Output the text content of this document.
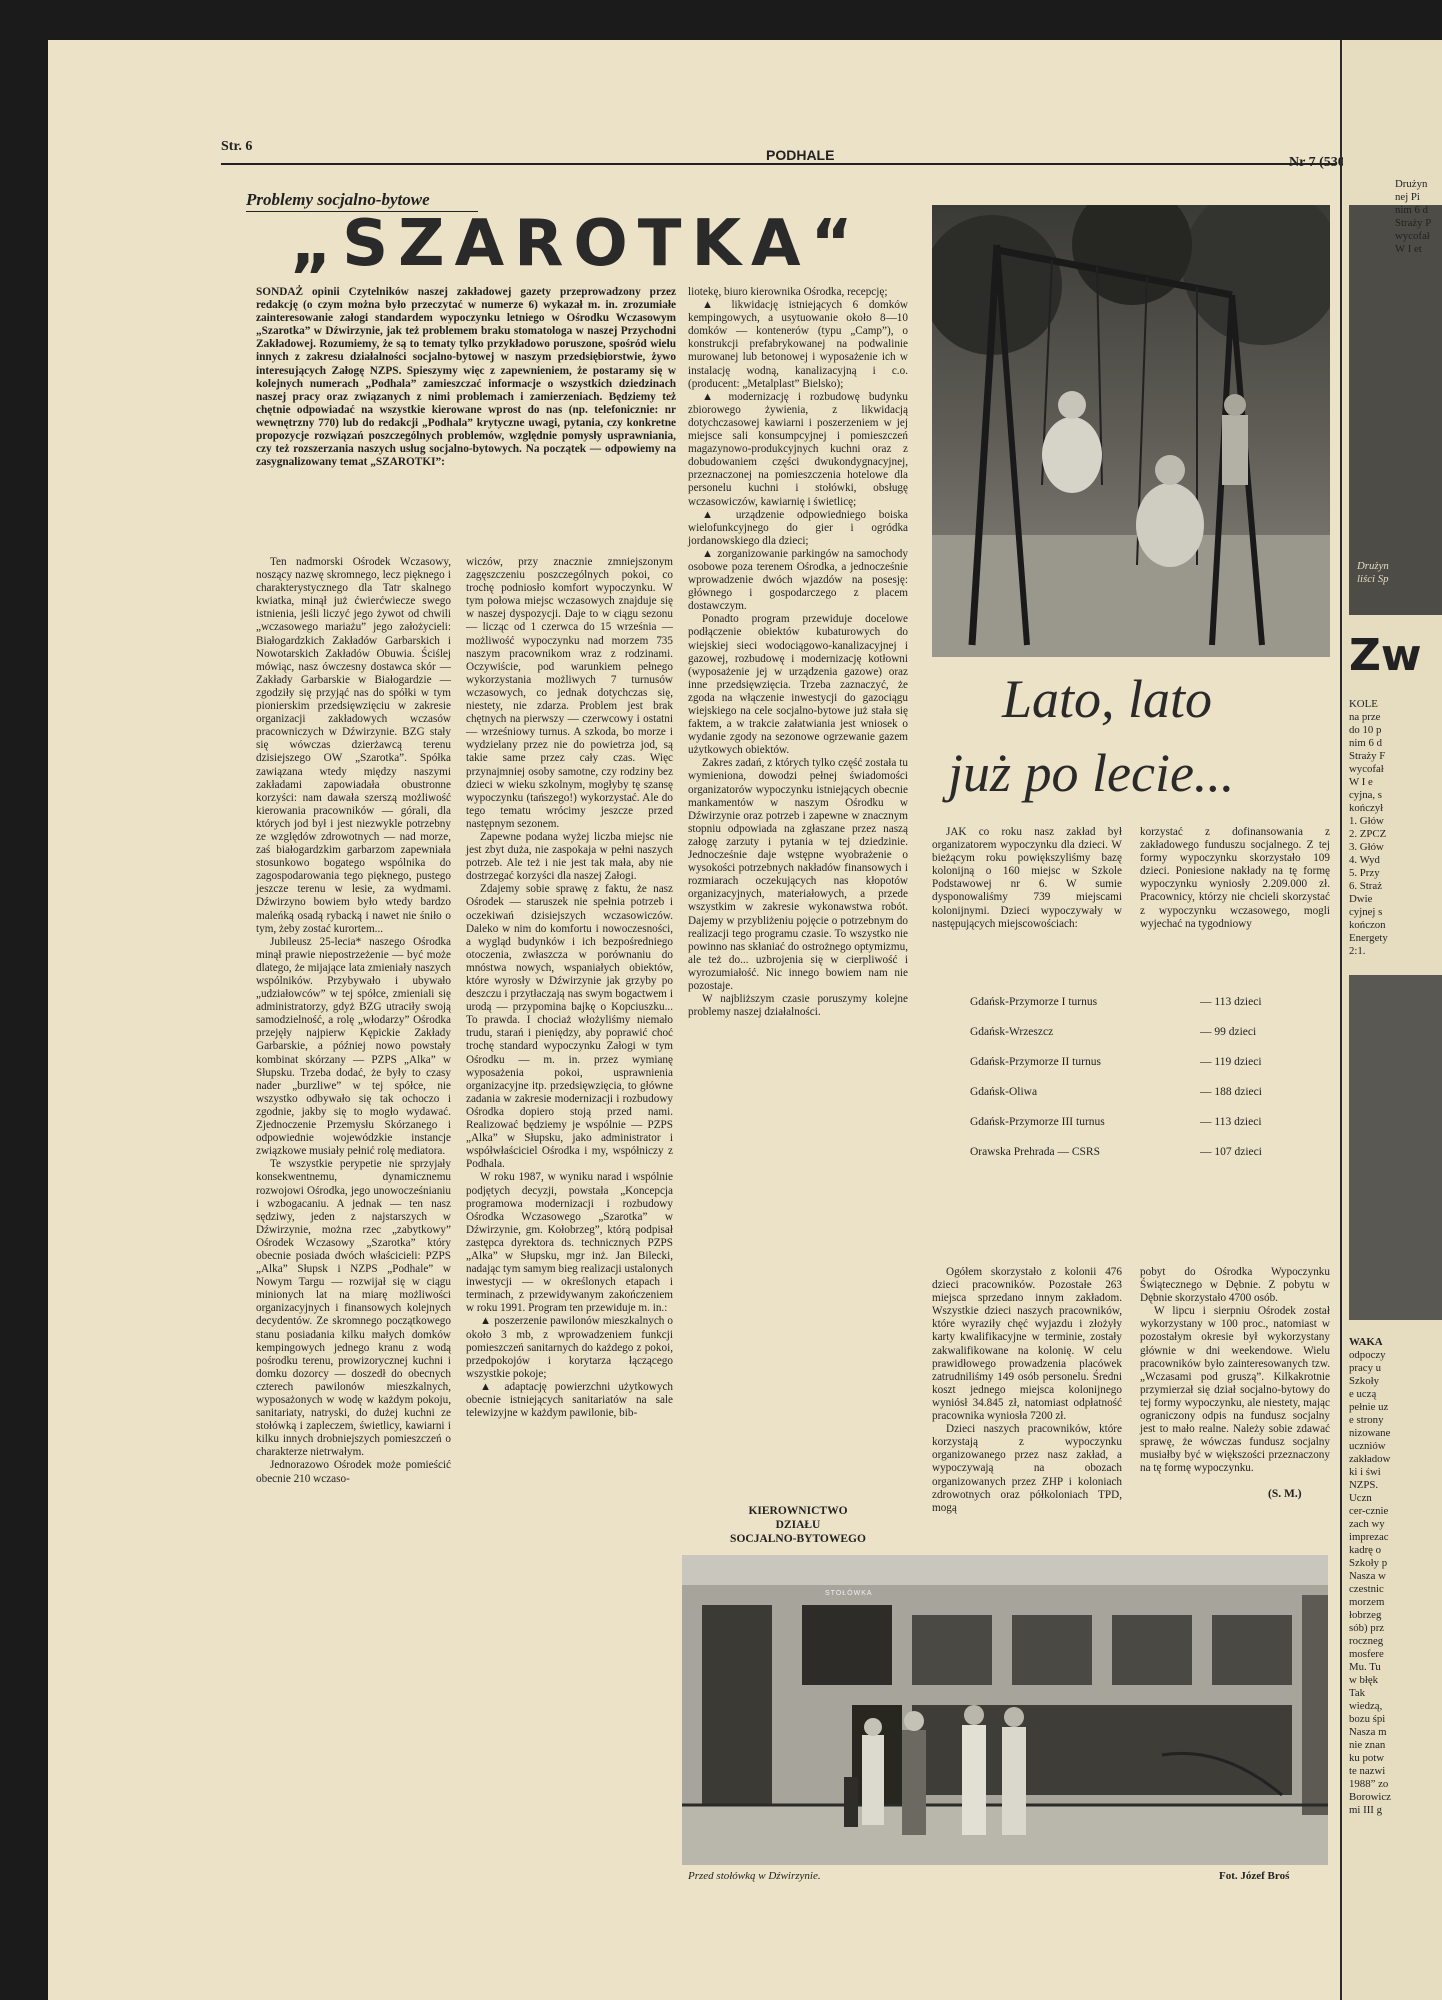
Str. 6
PODHALE
Problemy socjalno-bytowe
„SZAROTKA“
SONDAŻ opinii Czytelników naszej zakładowej gazety przeprowadzony przez redakcję (o czym można było przeczytać w numerze 6) wykazał m. in. zrozumiałe zainteresowanie załogi standardem wypoczynku letniego w Ośrodku Wczasowym „Szarotka” w Dźwirzynie, jak też problemem braku stomatologa w naszej Przychodni Zakładowej. Rozumiemy, że są to tematy tylko przykładowo poruszone, spośród wielu innych z zakresu działalności socjalno-bytowej w naszym przedsiębiorstwie, żywo interesujących Załogę NZPS. Spieszymy więc z zapewnieniem, że postaramy się w kolejnych numerach „Podhala” zamieszczać informacje o wszystkich dziedzinach naszej pracy oraz związanych z nimi problemach i zamierzeniach. Będziemy też chętnie odpowiadać na wszystkie kierowane wprost do nas (np. telefonicznie: nr wewnętrzny 770) lub do redakcji „Podhala” krytyczne uwagi, pytania, czy konkretne propozycje rozwiązań poszczególnych problemów, względnie pomysły usprawniania, czy też rozszerzania naszych usług socjalno-bytowych. Na początek — odpowiemy na zasygnalizowany temat „SZAROTKI”:

liotekę, biuro kierownika Ośrodka, recepcję;

▲ likwidację istniejących 6 domków kempingowych, a usytuowanie około 8—10 domków — kontenerów (typu „Camp”), o konstrukcji prefabrykowanej na podwalinie murowanej lub betonowej i wyposażenie ich w instalację wodną, kanalizacyjną i c.o. (producent: „Metalplast” Bielsko);

▲ modernizację i rozbudowę budynku zbiorowego żywienia, z likwidacją dotychczasowej kawiarni i poszerzeniem w jej miejsce sali konsumpcyjnej i pomieszczeń magazynowo-produkcyjnych kuchni oraz z dobudowaniem części dwukondygnacyjnej, przeznaczonej na pomieszczenia hotelowe dla personelu kuchni i stołówki, obsługę wczasowiczów, kawiarnię i świetlicę;

▲ urządzenie odpowiedniego boiska wielofunkcyjnego do gier i ogródka jordanowskiego dla dzieci;

▲ zorganizowanie parkingów na samochody osobowe poza terenem Ośrodka, a jednocześnie wprowadzenie dwóch wjazdów na posesję: głównego i gospodarczego z placem dostawczym.

Ponadto program przewiduje docelowe podłączenie obiektów kubaturowych do wiejskiej sieci wodociągowo-kanalizacyjnej i gazowej, rozbudowę i modernizację kotłowni (wyposażenie jej w urządzenia gazowe) oraz inne przedsięwzięcia. Trzeba zaznaczyć, że zgoda na włączenie inwestycji do gazociągu wiejskiego na cele socjalno-bytowe już stała się faktem, a w trakcie załatwiania jest wniosek o wydanie zgody na sezonowe ogrzewanie gazem użytkowych obiektów.

Zakres zadań, z których tylko część została tu wymieniona, dowodzi pełnej świadomości organizatorów wypoczynku istniejących obecnie mankamentów w naszym Ośrodku w Dźwirzynie oraz potrzeb i zapewne w znacznym stopniu odpowiada na zgłaszane przez naszą załogę zarzuty i pytania w tej dziedzinie. Jednocześnie daje wstępne wyobrażenie o wysokości potrzebnych nakładów finansowych i rozmiarach oczekujących nas kłopotów organizacyjnych, materiałowych, a przede wszystkim w zakresie wykonawstwa robót. Dajemy w przybliżeniu pojęcie o potrzebnym do realizacji tego programu czasie. To wszystko nie powinno nas skłaniać do ostrożnego optymizmu, ale też do... uzbrojenia się w cierpliwość i wyrozumiałość. Nic innego bowiem nam nie pozostaje.

W najbliższym czasie poruszymy kolejne problemy naszej działalności.

KIEROWNICTWO
DZIAŁU
SOCJALNO-BYTOWEGO

Ten nadmorski Ośrodek Wczasowy, noszący nazwę skromnego, lecz pięknego i charakterystycznego dla Tatr skalnego kwiatka, minął już ćwierćwiecze swego istnienia, jeśli liczyć jego żywot od chwili „wczasowego mariażu” jego założycieli: Białogardzkich Zakładów Garbarskich i Nowotarskich Zakładów Obuwia. Ściślej mówiąc, nasz ówczesny dostawca skór — Zakłady Garbarskie w Białogardzie — zgodziły się przyjąć nas do spółki w tym pionierskim przedsięwzięciu w zakresie organizacji zakładowych wczasów pracowniczych w Dźwirzynie. BZG stały się wówczas dzierżawcą terenu dzisiejszego OW „Szarotka”. Spółka zawiązana wtedy między naszymi zakładami zapowiadała obustronne korzyści: nam dawała szerszą możliwość kierowania pracowników — górali, dla których jod był i jest niezwykle potrzebny ze względów zdrowotnych — nad morze, zaś białogardzkim garbarzom zapewniała stosunkowo bogatego wspólnika do zagospodarowania tego pięknego, pustego jeszcze terenu w lesie, za wydmami. Dźwirzyno bowiem było wtedy bardzo maleńką osadą rybacką i nawet nie śniło o tym, żeby zostać kurortem...

Jubileusz 25-lecia* naszego Ośrodka minął prawie niepostrzeżenie — być może dlatego, że mijające lata zmieniały naszych wspólników. Przybywało i ubywało „udziałowców” w tej spółce, zmieniali się administratorzy, gdyż BZG utraciły swoją samodzielność, a rolę „włodarzy” Ośrodka przejęły najpierw Kępickie Zakłady Garbarskie, a później nowo powstały kombinat skórzany — PZPS „Alka” w Słupsku. Trzeba dodać, że były to czasy nader „burzliwe” w tej spółce, nie wszystko odbywało się tak ochoczo i zgodnie, jakby się to mogło wydawać. Zjednoczenie Przemysłu Skórzanego i odpowiednie wojewódzkie instancje związkowe musiały pełnić rolę mediatora.

Te wszystkie perypetie nie sprzyjały konsekwentnemu, dynamicznemu rozwojowi Ośrodka, jego unowocześnianiu i wzbogacaniu. A jednak — ten nasz sędziwy, jeden z najstarszych w Dźwirzynie, można rzec „zabytkowy” Ośrodek Wczasowy „Szarotka” który obecnie posiada dwóch właścicieli: PZPS „Alka” Słupsk i NZPS „Podhale” w Nowym Targu — rozwijał się w ciągu minionych lat na miarę możliwości organizacyjnych i finansowych kolejnych decydentów. Ze skromnego początkowego stanu posiadania kilku małych domków kempingowych jednego kranu z wodą pośrodku terenu, prowizorycznej kuchni i domku dozorcy — doszedł do obecnych czterech pawilonów mieszkalnych, wyposażonych w wodę w każdym pokoju, sanitariaty, natryski, do dużej kuchni ze stołówką i zapleczem, świetlicy, kawiarni i kilku innych drobniejszych pomieszczeń o charakterze nietrwałym.

Jednorazowo Ośrodek może pomieścić obecnie 210 wczaso-

wiczów, przy znacznie zmniejszonym zagęszczeniu poszczególnych pokoi, co trochę podniosło komfort wypoczynku. W tym połowa miejsc wczasowych znajduje się w naszej dyspozycji. Daje to w ciągu sezonu — licząc od 1 czerwca do 15 września — możliwość wypoczynku nad morzem 735 naszym pracownikom wraz z rodzinami. Oczywiście, pod warunkiem pełnego wykorzystania możliwych 7 turnusów wczasowych, co jednak dotychczas się, niestety, nie zdarza. Problem jest brak chętnych na pierwszy — czerwcowy i ostatni — wrześniowy turnus. A szkoda, bo morze i wydzielany przez nie do powietrza jod, są takie same przez cały czas. Więc przynajmniej osoby samotne, czy rodziny bez dzieci w wieku szkolnym, mogłyby tę szansę wypoczynku (tańszego!) wykorzystać. Ale do tego tematu wrócimy jeszcze przed następnym sezonem.

Zapewne podana wyżej liczba miejsc nie jest zbyt duża, nie zaspokaja w pełni naszych potrzeb. Ale też i nie jest tak mała, aby nie dostrzegać korzyści dla naszej Załogi.

Zdajemy sobie sprawę z faktu, że nasz Ośrodek — staruszek nie spełnia potrzeb i oczekiwań dzisiejszych wczasowiczów. Daleko w nim do komfortu i nowoczesności, a wygląd budynków i ich bezpośredniego otoczenia, zwłaszcza w porównaniu do mnóstwa nowych, wspaniałych obiektów, które wyrosły w Dźwirzynie jak grzyby po deszczu i przytłaczają nas swym bogactwem i urodą — przypomina bajkę o Kopciuszku... To prawda. I chociaż włożyliśmy niemało trudu, starań i pieniędzy, aby poprawić choć trochę standard wypoczynku Załogi w tym Ośrodku — m. in. przez wymianę wyposażenia pokoi, usprawnienia organizacyjne itp. przedsięwzięcia, to główne zadania w zakresie modernizacji i rozbudowy Ośrodka dopiero stoją przed nami. Realizować będziemy je wspólnie — PZPS „Alka” w Słupsku, jako administrator i współwłaściciel Ośrodka i my, współniczy z Podhala.

W roku 1987, w wyniku narad i wspólnie podjętych decyzji, powstała „Koncepcja programowa modernizacji i rozbudowy Ośrodka Wczasowego „Szarotka” w Dźwirzynie, gm. Kołobrzeg”, którą podpisał zastępca dyrektora ds. technicznych PZPS „Alka” w Słupsku, mgr inż. Jan Bilecki, nadając tym samym bieg realizacji ustalonych inwestycji — w określonych etapach i terminach, z przewidywanym zakończeniem w roku 1991. Program ten przewiduje m. in.:

▲ poszerzenie pawilonów mieszkalnych o około 3 mb, z wprowadzeniem funkcji pomieszczeń sanitarnych do każdego z pokoi, przedpokojów i korytarza łączącego wszystkie pokoje;

▲ adaptację powierzchni użytkowych obecnie istniejących sanitariatów na sale telewizyjne w każdym pawilonie, bib-

Lato, lato
już po lecie...

JAK co roku nasz zakład był organizatorem wypoczynku dla dzieci. W bieżącym roku powiększyliśmy bazę kolonijną o 160 miejsc w Szkole Podstawowej nr 6. W sumie dysponowaliśmy 739 miejscami kolonijnymi. Dzieci wypoczywały w następujących miejscowościach:

korzystać z dofinansowania z zakładowego funduszu socjalnego. Z tej formy wypoczynku skorzystało 109 dzieci. Poniesione nakłady na tę formę wypoczynku wyniosły 2.209.000 zł. Pracownicy, którzy nie chcieli skorzystać z wypoczynku wczasowego, mogli wyjechać na tygodniowy

Gdańsk-Przymorze I turnus	— 113 dzieci
Gdańsk-Wrzeszcz	— 99 dzieci
Gdańsk-Przymorze II turnus	— 119 dzieci
Gdańsk-Oliwa	— 188 dzieci
Gdańsk-Przymorze III turnus	— 113 dzieci
Orawska Prehrada — CSRS	— 107 dzieci

Ogółem skorzystało z kolonii 476 dzieci pracowników. Pozostałe 263 miejsca sprzedano innym zakładom. Wszystkie dzieci naszych pracowników, które wyraziły chęć wyjazdu i złożyły karty kwalifikacyjne w terminie, zostały zakwalifikowane na kolonię. W celu prawidłowego prowadzenia placówek zatrudniliśmy 149 osób personelu. Średni koszt jednego miejsca kolonijnego wyniósł 34.845 zł, natomiast odpłatność pracownika wyniosła 7200 zł.

Dzieci naszych pracowników, które korzystają z wypoczynku organizowanego przez nasz zakład, a wypoczywają na obozach organizowanych przez ZHP i koloniach zdrowotnych oraz półkoloniach TPD, mogą

pobyt do Ośrodka Wypoczynku Świątecznego w Dębnie. Z pobytu w Dębnie skorzystało 4700 osób.

W lipcu i sierpniu Ośrodek został wykorzystany w 100 proc., natomiast w pozostałym okresie był wykorzystany głównie w dni weekendowe. Wielu pracowników było zainteresowanych tzw. „Wczasami pod gruszą”. Kilkakrotnie przymierzał się dział socjalno-bytowy do tej formy wypoczynku, ale niestety, mając ograniczony odpis na fundusz socjalny jest to mało realne. Należy sobie zdawać sprawę, że wówczas fundusz socjalny musiałby być w większości przeznaczony na tę formę wypoczynku.

(S. M.)
STOŁÓWKA
Przed stołówką w Dźwirzynie.	Fot. Józef Broś
Drużyn
liści Sp
Zw
KOLE
na prze
do 10 p
nim 6 d
Straży F
wycofał
W I e
cyjna, s
kończył
1. Głów
2. ZPCZ
3. Głów
4. Wyd
5. Przy
6. Straż
Dwie
cyjnej s
kończon
Energety
2:1.
WAKA
odpoczy
pracy u
Szkoły
e uczą
pełnie uz
e strony
nizowane
uczniów
zakładow
ki i świ
NZPS.
Uczn
cer-cznie
zach wy
imprezac
kadrę o
Szkoły p
Nasza w
czestnic
morzem
łobrzeg
sób) prz
roczneg
mosfere
Mu. Tu
w błęk
Tak
wiedzą,
bozu śpi
Nasza m
nie znan
ku potw
te nazwi
1988” zo
Borowicz
mi III g
Drużyn
nej Pi
nim 6 d
Straży P
wycofał
W I et
